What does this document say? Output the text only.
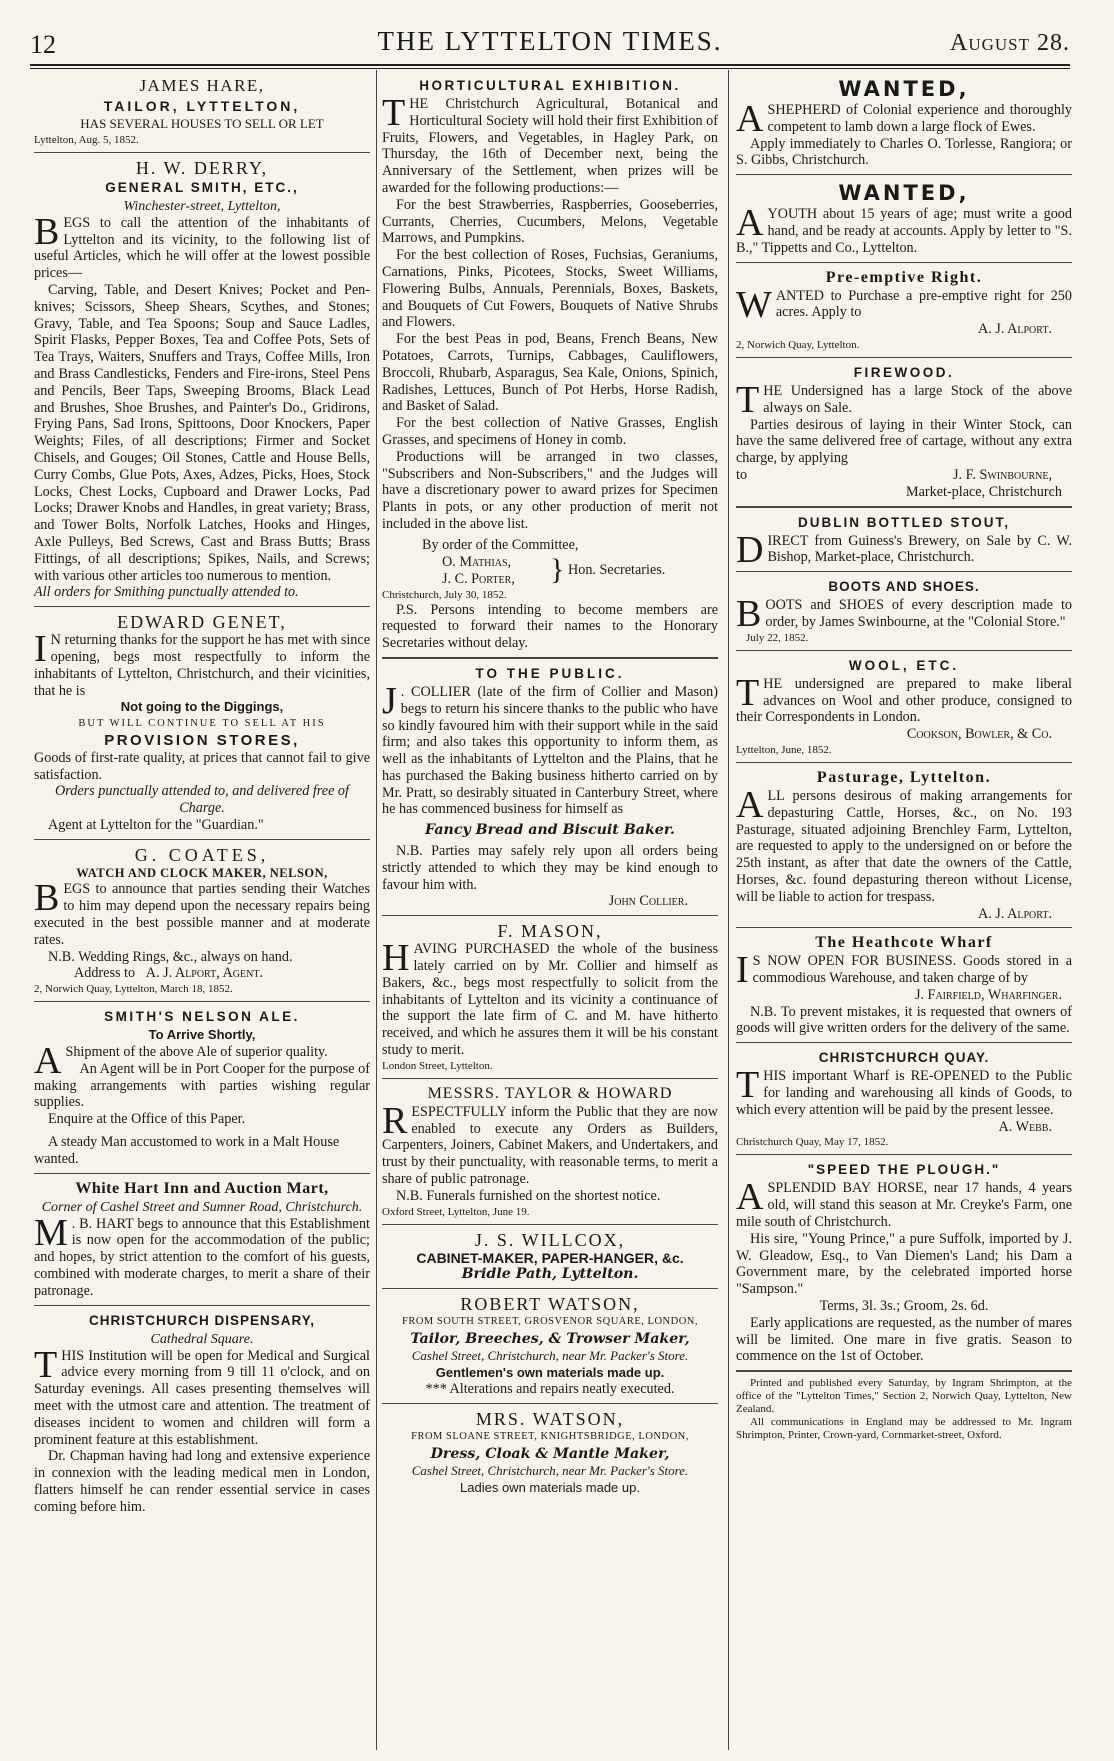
12	THE LYTTELTON TIMES.	August 28.
JAMES HARE,
TAILOR, LYTTELTON,

HAS SEVERAL HOUSES TO SELL OR LET

Lyttelton, Aug. 5, 1852.

H. W. DERRY,
GENERAL SMITH, ETC.,
Winchester-street, Lyttelton,

BEGS to call the attention of the inhabitants of Lyttelton and its vicinity, to the following list of useful Articles, which he will offer at the lowest possible prices—

Carving, Table, and Desert Knives; Pocket and Pen-knives; Scissors, Sheep Shears, Scythes, and Stones; Gravy, Table, and Tea Spoons; Soup and Sauce Ladles, Spirit Flasks, Pepper Boxes, Tea and Coffee Pots, Sets of Tea Trays, Waiters, Snuffers and Trays, Coffee Mills, Iron and Brass Candlesticks, Fenders and Fire-irons, Steel Pens and Pencils, Beer Taps, Sweeping Brooms, Black Lead and Brushes, Shoe Brushes, and Painter's Do., Gridirons, Frying Pans, Sad Irons, Spittoons, Door Knockers, Paper Weights; Files, of all descriptions; Firmer and Socket Chisels, and Gouges; Oil Stones, Cattle and House Bells, Curry Combs, Glue Pots, Axes, Adzes, Picks, Hoes, Stock Locks, Chest Locks, Cupboard and Drawer Locks, Pad Locks; Drawer Knobs and Handles, in great variety; Brass, and Tower Bolts, Norfolk Latches, Hooks and Hinges, Axle Pulleys, Bed Screws, Cast and Brass Butts; Brass Fittings, of all descriptions; Spikes, Nails, and Screws; with various other articles too numerous to mention.

All orders for Smithing punctually attended to.

EDWARD GENET,

I N returning thanks for the support he has met with since opening, begs most respectfully to inform the inhabitants of Lyttelton, Christchurch, and their vicinities, that he is

Not going to the Diggings,

BUT WILL CONTINUE TO SELL AT HIS

PROVISION STORES,

Goods of first-rate quality, at prices that cannot fail to give satisfaction.

Orders punctually attended to, and delivered free of Charge.

Agent at Lyttelton for the "Guardian."

G. COATES,
WATCH AND CLOCK MAKER, NELSON,

BEGS to announce that parties sending their Watches to him may depend upon the necessary repairs being executed in the best possible manner and at moderate rates.

N.B. Wedding Rings, &c., always on hand.

Address to A. J. Alport, Agent.

2, Norwich Quay, Lyttelton, March 18, 1852.

SMITH'S NELSON ALE.

To Arrive Shortly,

A Shipment of the above Ale of superior quality.

An Agent will be in Port Cooper for the purpose of making arrangements with parties wishing regular supplies.

Enquire at the Office of this Paper.

A steady Man accustomed to work in a Malt House wanted.

White Hart Inn and Auction Mart,
Corner of Cashel Street and Sumner Road, Christchurch.

M . B. HART begs to announce that this Establishment is now open for the accommodation of the public; and hopes, by strict attention to the comfort of his guests, combined with moderate charges, to merit a share of their patronage.

CHRISTCHURCH DISPENSARY,
Cathedral Square.

THIS Institution will be open for Medical and Surgical advice every morning from 9 till 11 o'clock, and on Saturday evenings. All cases presenting themselves will meet with the utmost care and attention. The treatment of diseases incident to women and children will form a prominent feature at this establishment.

Dr. Chapman having had long and extensive experience in connexion with the leading medical men in London, flatters himself he can render essential service in cases coming before him.

HORTICULTURAL EXHIBITION.

THE Christchurch Agricultural, Botanical and Horticultural Society will hold their first Exhibition of Fruits, Flowers, and Vegetables, in Hagley Park, on Thursday, the 16th of December next, being the Anniversary of the Settlement, when prizes will be awarded for the following productions:—

For the best Strawberries, Raspberries, Gooseberries, Currants, Cherries, Cucumbers, Melons, Vegetable Marrows, and Pumpkins.

For the best collection of Roses, Fuchsias, Geraniums, Carnations, Pinks, Picotees, Stocks, Sweet Williams, Flowering Bulbs, Annuals, Perennials, Boxes, Baskets, and Bouquets of Cut Fowers, Bouquets of Native Shrubs and Flowers.

For the best Peas in pod, Beans, French Beans, New Potatoes, Carrots, Turnips, Cabbages, Cauliflowers, Broccoli, Rhubarb, Asparagus, Sea Kale, Onions, Spinich, Radishes, Lettuces, Bunch of Pot Herbs, Horse Radish, and Basket of Salad.

For the best collection of Native Grasses, English Grasses, and specimens of Honey in comb.

Productions will be arranged in two classes, "Subscribers and Non-Subscribers," and the Judges will have a discretionary power to award prizes for Specimen Plants in pots, or any other production of merit not included in the above list.

By order of the Committee,

O. Mathias,
J. C. Porter, } Hon. Secretaries.

Christchurch, July 30, 1852.

P.S. Persons intending to become members are requested to forward their names to the Honorary Secretaries without delay.

TO THE PUBLIC.

J . COLLIER (late of the firm of Collier and Mason) begs to return his sincere thanks to the public who have so kindly favoured him with their support while in the said firm; and also takes this opportunity to inform them, as well as the inhabitants of Lyttelton and the Plains, that he has purchased the Baking business hitherto carried on by Mr. Pratt, so desirably situated in Canterbury Street, where he has commenced business for himself as

Fancy Bread and Biscuit Baker.

N.B. Parties may safely rely upon all orders being strictly attended to which they may be kind enough to favour him with.

John Collier.

F. MASON,

HAVING PURCHASED the whole of the business lately carried on by Mr. Collier and himself as Bakers, &c., begs most respectfully to solicit from the inhabitants of Lyttelton and its vicinity a continuance of the support the late firm of C. and M. have hitherto received, and which he assures them it will be his constant study to merit.

London Street, Lyttelton.

MESSRS. TAYLOR & HOWARD

RESPECTFULLY inform the Public that they are now enabled to execute any Orders as Builders, Carpenters, Joiners, Cabinet Makers, and Undertakers, and trust by their punctuality, with reasonable terms, to merit a share of public patronage.

N.B. Funerals furnished on the shortest notice.

Oxford Street, Lyttelton, June 19.

J. S. WILLCOX,

CABINET-MAKER, PAPER-HANGER, &c.

Bridle Path, Lyttelton.

ROBERT WATSON,

FROM SOUTH STREET, GROSVENOR SQUARE, LONDON,

Tailor, Breeches, & Trowser Maker,

Cashel Street, Christchurch, near Mr. Packer's Store.

Gentlemen's own materials made up.

*** Alterations and repairs neatly executed.

MRS. WATSON,

FROM SLOANE STREET, KNIGHTSBRIDGE, LONDON,

Dress, Cloak & Mantle Maker,

Cashel Street, Christchurch, near Mr. Packer's Store.

Ladies own materials made up.

WANTED,

ASHEPHERD of Colonial experience and thoroughly competent to lamb down a large flock of Ewes.

Apply immediately to Charles O. Torlesse, Rangiora; or S. Gibbs, Christchurch.

WANTED,

AYOUTH about 15 years of age; must write a good hand, and be ready at accounts. Apply by letter to "S. B.," Tippetts and Co., Lyttelton.

Pre-emptive Right.

WANTED to Purchase a pre-emptive right for 250 acres. Apply to

A. J. Alport.

2, Norwich Quay, Lyttelton.

FIREWOOD.

THE Undersigned has a large Stock of the above always on Sale.

Parties desirous of laying in their Winter Stock, can have the same delivered free of cartage, without any extra charge, by applying

to	J. F. Swinbourne,

Market-place, Christchurch

DUBLIN BOTTLED STOUT,

DIRECT from Guiness's Brewery, on Sale by C. W. Bishop, Market-place, Christchurch.

BOOTS AND SHOES.

BOOTS and SHOES of every description made to order, by James Swinbourne, at the "Colonial Store."

July 22, 1852.

WOOL, ETC.

THE undersigned are prepared to make liberal advances on Wool and other produce, consigned to their Correspondents in London.

Cookson, Bowler, & Co.

Lyttelton, June, 1852.

Pasturage, Lyttelton.

ALL persons desirous of making arrangements for depasturing Cattle, Horses, &c., on No. 193 Pasturage, situated adjoining Brenchley Farm, Lyttelton, are requested to apply to the undersigned on or before the 25th instant, as after that date the owners of the Cattle, Horses, &c. found depasturing thereon without License, will be liable to action for trespass.

A. J. Alport.

The Heathcote Wharf

I S NOW OPEN FOR BUSINESS. Goods stored in a commodious Warehouse, and taken charge of by

J. Fairfield, Wharfinger.

N.B. To prevent mistakes, it is requested that owners of goods will give written orders for the delivery of the same.

CHRISTCHURCH QUAY.

THIS important Wharf is RE-OPENED to the Public for landing and warehousing all kinds of Goods, to which every attention will be paid by the present lessee.

A. Webb.

Christchurch Quay, May 17, 1852.

"SPEED THE PLOUGH."

ASPLENDID BAY HORSE, near 17 hands, 4 years old, will stand this season at Mr. Creyke's Farm, one mile south of Christchurch.

His sire, "Young Prince," a pure Suffolk, imported by J. W. Gleadow, Esq., to Van Diemen's Land; his Dam a Government mare, by the celebrated imported horse "Sampson."

Terms, 3l. 3s.; Groom, 2s. 6d.

Early applications are requested, as the number of mares will be limited. One mare in five gratis. Season to commence on the 1st of October.

Printed and published every Saturday, by Ingram Shrimpton, at the office of the "Lyttelton Times," Section 2, Norwich Quay, Lyttelton, New Zealand.

All communications in England may be addressed to Mr. Ingram Shrimpton, Printer, Crown-yard, Cornmarket-street, Oxford.
